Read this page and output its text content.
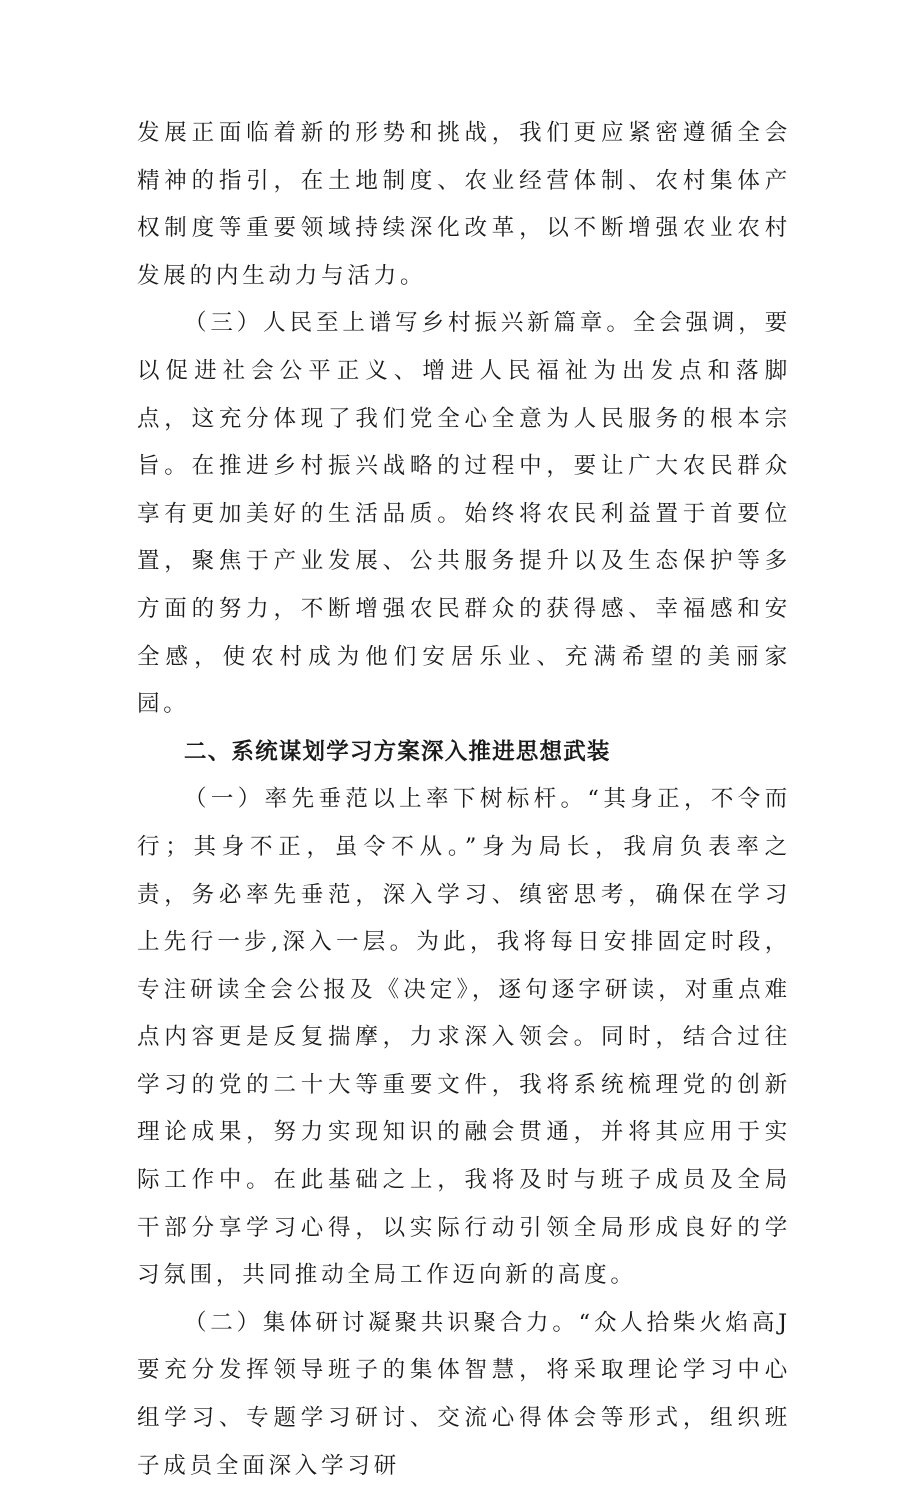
发展正面临着新的形势和挑战，我们更应紧密遵循全会精神的指引，在土地制度、农业经营体制、农村集体产权制度等重要领域持续深化改革，以不断增强农业农村发展的内生动力与活力。

（三）人民至上谱写乡村振兴新篇章。全会强调，要以促进社会公平正义、增进人民福祉为出发点和落脚点，这充分体现了我们党全心全意为人民服务的根本宗旨。在推进乡村振兴战略的过程中，要让广大农民群众享有更加美好的生活品质。始终将农民利益置于首要位置，聚焦于产业发展、公共服务提升以及生态保护等多方面的努力，不断增强农民群众的获得感、幸福感和安全感，使农村成为他们安居乐业、充满希望的美丽家园。

二、系统谋划学习方案深入推进思想武装

（一）率先垂范以上率下树标杆。“其身正，不令而行；其身不正，虽令不从。”身为局长，我肩负表率之责，务必率先垂范，深入学习、缜密思考，确保在学习上先行一步,深入一层。为此，我将每日安排固定时段，专注研读全会公报及《决定》，逐句逐字研读，对重点难点内容更是反复揣摩，力求深入领会。同时，结合过往学习的党的二十大等重要文件，我将系统梳理党的创新理论成果，努力实现知识的融会贯通，并将其应用于实际工作中。在此基础之上，我将及时与班子成员及全局干部分享学习心得，以实际行动引领全局形成良好的学习氛围，共同推动全局工作迈向新的高度。

（二）集体研讨凝聚共识聚合力。“众人拾柴火焰高J要充分发挥领导班子的集体智慧，将采取理论学习中心组学习、专题学习研讨、交流心得体会等形式，组织班子成员全面深入学习研
